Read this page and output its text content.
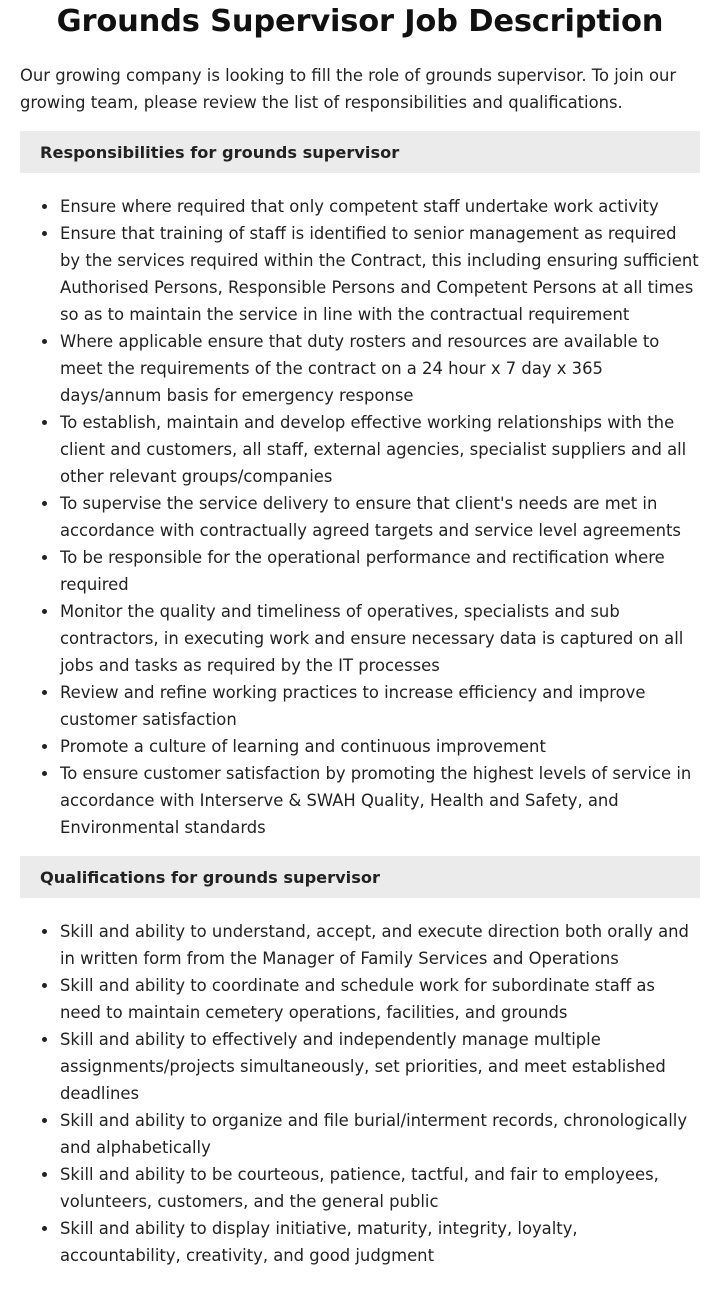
Grounds Supervisor Job Description

Our growing company is looking to fill the role of grounds supervisor. To join our growing team, please review the list of responsibilities and qualifications.

Responsibilities for grounds supervisor
Ensure where required that only competent staff undertake work activity
Ensure that training of staff is identified to senior management as required by the services required within the Contract, this including ensuring sufficient Authorised Persons, Responsible Persons and Competent Persons at all times so as to maintain the service in line with the contractual requirement
Where applicable ensure that duty rosters and resources are available to meet the requirements of the contract on a 24 hour x 7 day x 365 days/annum basis for emergency response
To establish, maintain and develop effective working relationships with the client and customers, all staff, external agencies, specialist suppliers and all other relevant groups/companies
To supervise the service delivery to ensure that client's needs are met in accordance with contractually agreed targets and service level agreements
To be responsible for the operational performance and rectification where required
Monitor the quality and timeliness of operatives, specialists and sub contractors, in executing work and ensure necessary data is captured on all jobs and tasks as required by the IT processes
Review and refine working practices to increase efficiency and improve customer satisfaction
Promote a culture of learning and continuous improvement
To ensure customer satisfaction by promoting the highest levels of service in accordance with Interserve & SWAH Quality, Health and Safety, and Environmental standards
Qualifications for grounds supervisor
Skill and ability to understand, accept, and execute direction both orally and in written form from the Manager of Family Services and Operations
Skill and ability to coordinate and schedule work for subordinate staff as need to maintain cemetery operations, facilities, and grounds
Skill and ability to effectively and independently manage multiple assignments/projects simultaneously, set priorities, and meet established deadlines
Skill and ability to organize and file burial/interment records, chronologically and alphabetically
Skill and ability to be courteous, patience, tactful, and fair to employees, volunteers, customers, and the general public
Skill and ability to display initiative, maturity, integrity, loyalty, accountability, creativity, and good judgment
